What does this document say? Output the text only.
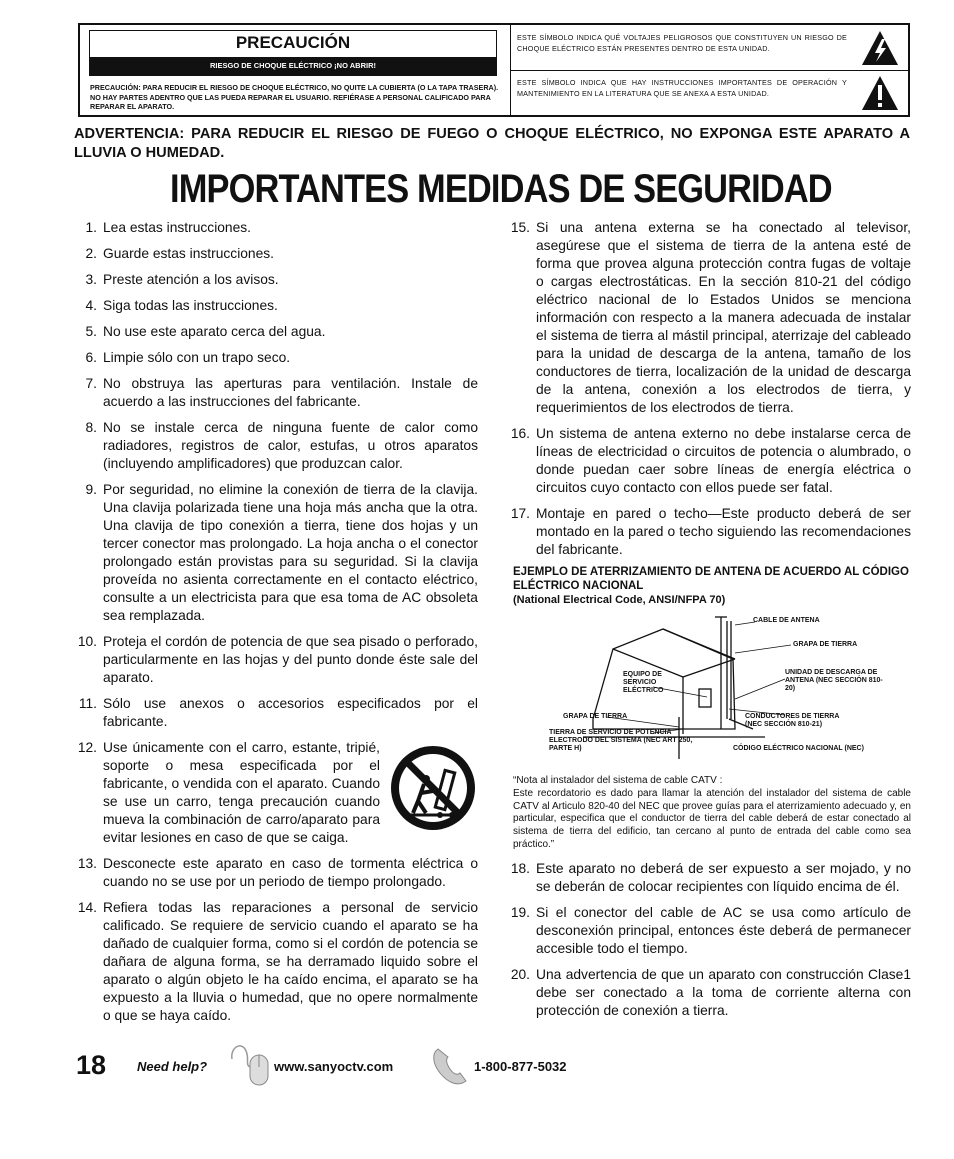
PRECAUCIÓN
RIESGO DE CHOQUE ELÉCTRICO ¡NO ABRIR!
PRECAUCIÓN: PARA REDUCIR EL RIESGO DE CHOQUE ELÉCTRICO, NO QUITE LA CUBIERTA (O LA TAPA TRASERA). NO HAY PARTES ADENTRO QUE LAS PUEDA REPARAR EL USUARIO. REFIÉRASE A PERSONAL CALIFICADO PARA REPARAR EL APARATO.
ESTE SÍMBOLO INDICA QUÉ VOLTAJES PELIGROSOS QUE CONSTITUYEN UN RIESGO DE CHOQUE ELÉCTRICO ESTÁN PRESENTES DENTRO DE ESTA UNIDAD.
ESTE SÍMBOLO INDICA QUE HAY INSTRUCCIONES IMPORTANTES DE OPERACIÓN Y MANTENIMIENTO EN LA LITERATURA QUE SE ANEXA A ESTA UNIDAD.
ADVERTENCIA: PARA REDUCIR EL RIESGO DE FUEGO O CHOQUE ELÉCTRICO, NO EXPONGA ESTE APARATO A LLUVIA O HUMEDAD.
IMPORTANTES MEDIDAS DE SEGURIDAD
1. Lea estas instrucciones.
2. Guarde estas instrucciones.
3. Preste atención a los avisos.
4. Siga todas las instrucciones.
5. No use este aparato cerca del agua.
6. Limpie sólo con un trapo seco.
7. No obstruya las aperturas para ventilación. Instale de acuerdo a las instrucciones del fabricante.
8. No se instale cerca de ninguna fuente de calor como radiadores, registros de calor, estufas, u otros aparatos (incluyendo amplificadores) que produzcan calor.
9. Por seguridad, no elimine la conexión de tierra de la clavija. Una clavija polarizada tiene una hoja más ancha que la otra. Una clavija de tipo conexión a tierra, tiene dos hojas y un tercer conector mas prolongado. La hoja ancha o el conector prolongado están provistas para su seguridad. Si la clavija proveída no asienta correctamente en el contacto eléctrico, consulte a un electricista para que esa toma de AC obsoleta sea remplazada.
10. Proteja el cordón de potencia de que sea pisado o perforado, particularmente en las hojas y del punto donde éste sale del aparato.
11. Sólo use anexos o accesorios especificados por el fabricante.
12. Use únicamente con el carro, estante, tripié, soporte o mesa especificada por el fabricante, o vendida con el aparato. Cuando se use un carro, tenga precaución cuando mueva la combinación de carro/aparato para evitar lesiones en caso de que se caiga.
13. Desconecte este aparato en caso de tormenta eléctrica o cuando no se use por un periodo de tiempo prolongado.
14. Refiera todas las reparaciones a personal de servicio calificado. Se requiere de servicio cuando el aparato se ha dañado de cualquier forma, como si el cordón de potencia se dañara de alguna forma, se ha derramado liquido sobre el aparato o algún objeto le ha caído encima, el aparato se ha expuesto a la lluvia o humedad, que no opere normalmente o que se haya caído.
15. Si una antena externa se ha conectado al televisor, asegúrese que el sistema de tierra de la antena esté de forma que provea alguna protección contra fugas de voltaje o cargas electrostáticas. En la sección 810-21 del código eléctrico nacional de lo Estados Unidos se menciona información con respecto a la manera adecuada de instalar el sistema de tierra al mástil principal, aterrizaje del cableado para la unidad de descarga de la antena, tamaño de los conductores de tierra, localización de la unidad de descarga de la antena, conexión a los electrodos de tierra, y requerimientos de los electrodos de tierra.
16. Un sistema de antena externo no debe instalarse cerca de líneas de electricidad o circuitos de potencia o alumbrado, o donde puedan caer sobre líneas de energía eléctrica o circuitos cuyo contacto con ellos puede ser fatal.
17. Montaje en pared o techo—Este producto deberá de ser montado en la pared o techo siguiendo las recomendaciones del fabricante.
EJEMPLO DE ATERRIZAMIENTO DE ANTENA DE ACUERDO AL CÓDIGO ELÉCTRICO NACIONAL
(National Electrical Code, ANSI/NFPA 70)
CABLE DE ANTENA
GRAPA DE TIERRA
EQUIPO DE SERVICIO ELÉCTRICO
UNIDAD DE DESCARGA DE ANTENA (NEC SECCIÓN 810-20)
GRAPA DE TIERRA	CONDUCTORES DE TIERRA (NEC SECCIÓN 810-21)
TIERRA DE SERVICIO DE POTENCIA ELECTRODO DEL SISTEMA (NEC ART 250, PARTE H)	CÓDIGO ELÉCTRICO NACIONAL (NEC)
“Nota al instalador del sistema de cable CATV :
Este recordatorio es dado para llamar la atención del instalador del sistema de cable CATV al Articulo 820-40 del NEC que provee guías para el aterrizamiento adecuado y, en particular, especifica que el conductor de tierra del cable deberá de estar conectado al sistema de tierra del edificio, tan cercano al punto de entrada del cable como sea práctico.”
18. Este aparato no deberá de ser expuesto a ser mojado, y no se deberán de colocar recipientes con líquido encima de él.
19. Si el conector del cable de AC se usa como artículo de desconexión principal, entonces éste deberá de permanecer accesible todo el tiempo.
20. Una advertencia de que un aparato con construcción Clase1 debe ser conectado a la toma de corriente alterna con protección de conexión a tierra.
18 Need help?	www.sanyoctv.com	1-800-877-5032
